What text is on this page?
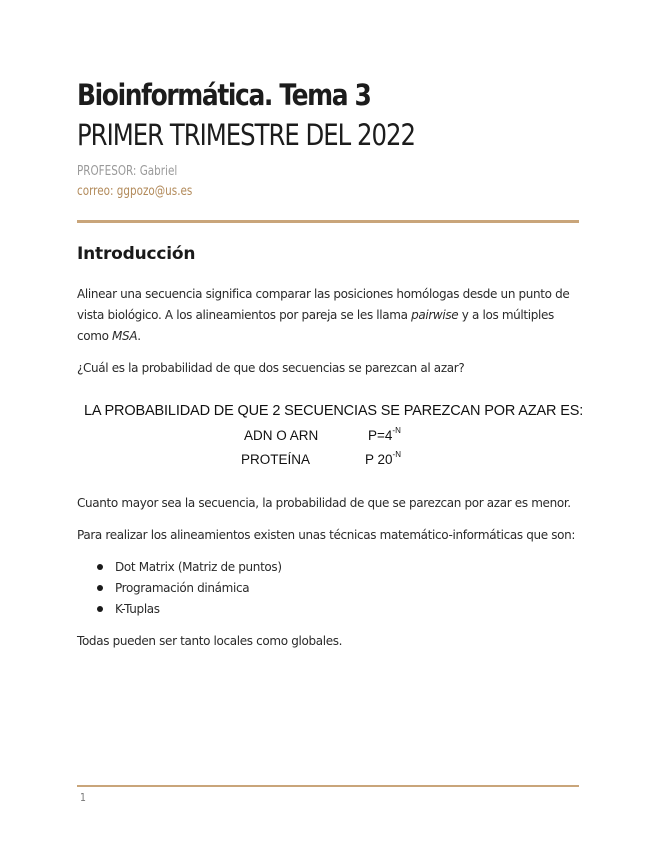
Bioinformática. Tema 3
PRIMER TRIMESTRE DEL 2022
PROFESOR: Gabriel
correo: ggpozo@us.es
Introducción

Alinear una secuencia significa comparar las posiciones homólogas desde un punto de vista biológico. A los alineamientos por pareja se les llama pairwise y a los múltiples como MSA.

¿Cuál es la probabilidad de que dos secuencias se parezcan al azar?

LA PROBABILIDAD DE QUE 2 SECUENCIAS SE PAREZCAN POR AZAR ES:
ADN O ARN	$P=4^{-N}$
PROTEÍNA	P $20^{-N}$

Cuanto mayor sea la secuencia, la probabilidad de que se parezcan por azar es menor.

Para realizar los alineamientos existen unas técnicas matemático-informáticas que son:

Dot Matrix (Matriz de puntos)
Programación dinámica
K-Tuplas

Todas pueden ser tanto locales como globales.

1
